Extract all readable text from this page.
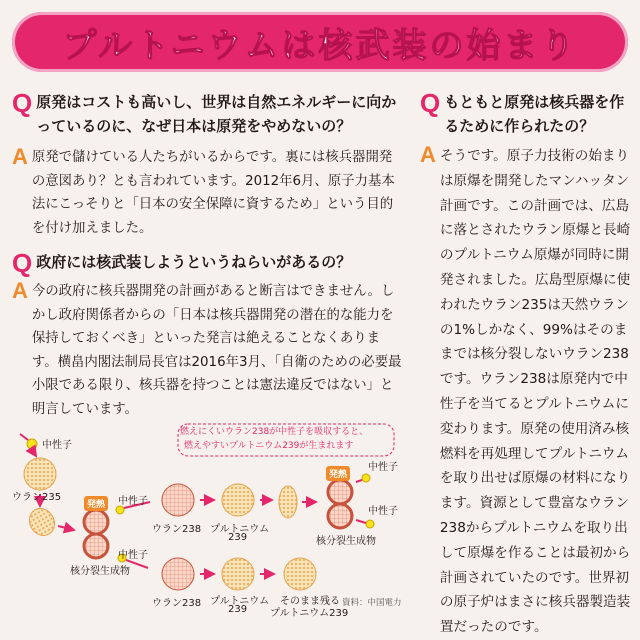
プルトニウムは核武装の始まり
Q 原発はコストも高いし、世界は自然エネルギーに向かっているのに、なぜ日本は原発をやめないの？
A 原発で儲けている人たちがいるからです。裏には核兵器開発の意図あり？とも言われています。2012年6月、原子力基本法にこっそりと「日本の安全保障に資するため」という目的を付け加えました。
Q 政府には核武装しようというねらいがあるの？
A 今の政府に核兵器開発の計画があると断言はできません。しかし政府関係者からの「日本は核兵器開発の潜在的な能力を保持しておくべき」といった発言は絶えることなくあります。横畠内閣法制局長官は2016年3月、「自衛のための必要最小限である限り、核兵器を持つことは憲法違反ではない」と明言しています。
Q もともと原発は核兵器を作るために作られたの？
A そうです。原子力技術の始まりは原爆を開発したマンハッタン計画です。この計画では、広島に落とされたウラン原爆と長崎のプルトニウム原爆が同時に開発されました。広島型原爆に使われたウラン235は天然ウランの1%しかなく、99%はそのままでは核分裂しないウラン238です。ウラン238は原発内で中性子を当てるとプルトニウムに変わります。原発の使用済み核燃料を再処理してプルトニウムを取り出せば原爆の材料になります。資源として豊富なウラン238からプルトニウムを取り出して原爆を作ることは最初から計画されていたのです。世界初の原子炉はまさに核兵器製造装置だったのです。
燃えにくいウラン238が中性子を吸収すると、
燃えやすいプルトニウム239が生まれます
中性子
ウラン235
発熱
核分裂生成物
中性子
中性子
ウラン238 プルトニウム
239
発熱
中性子
中性子
核分裂生成物
ウラン238 プルトニウム
239
そのまま残る
プルトニウム239
資料：中国電力
